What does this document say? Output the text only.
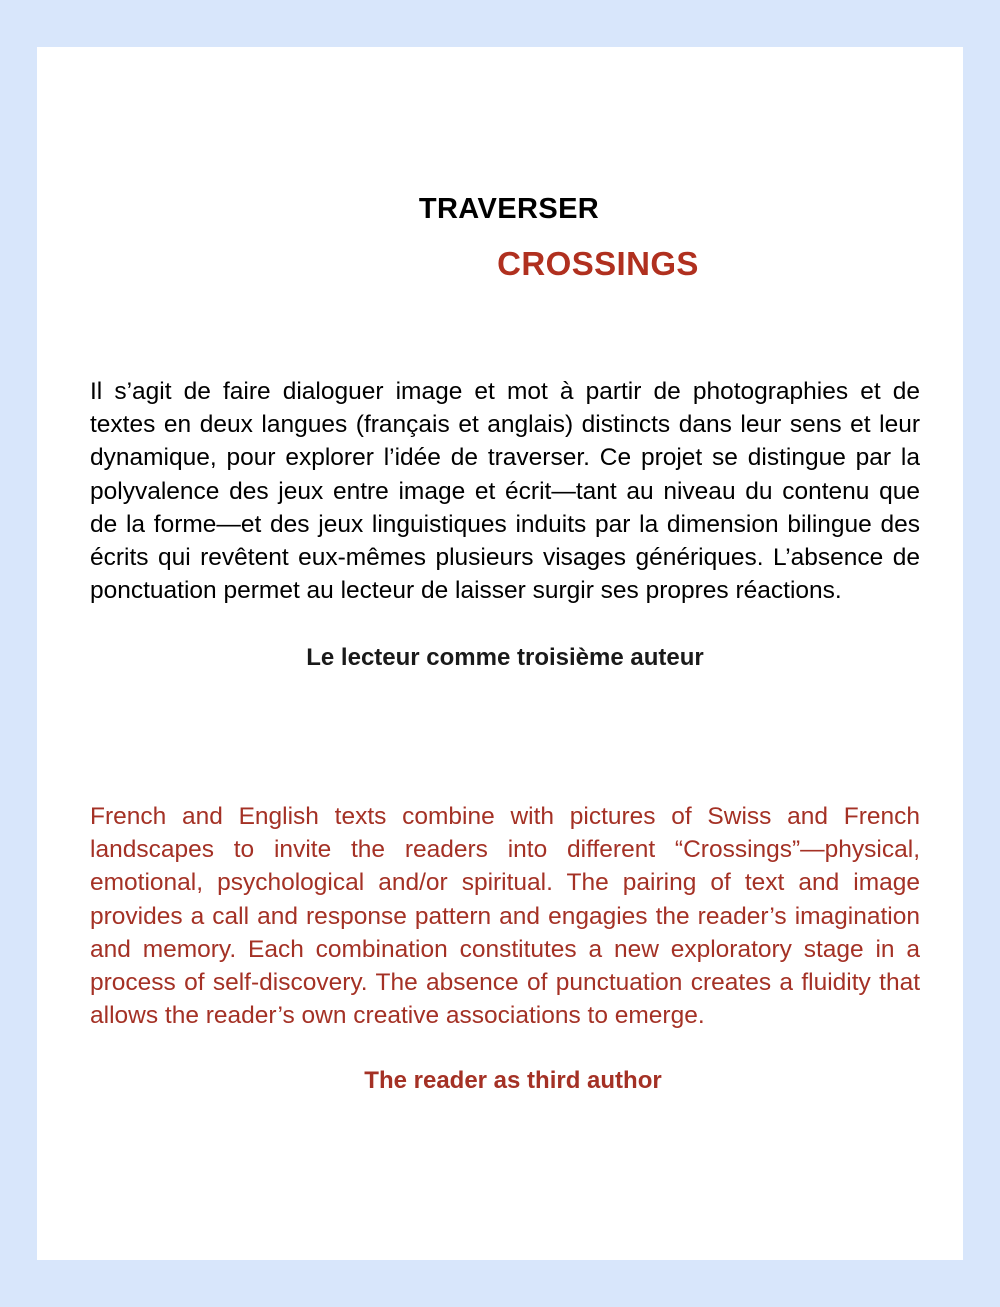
TRAVERSER
CROSSINGS

Il s’agit de faire dialoguer image et mot à partir de photographies et de textes en deux langues (français et anglais) distincts dans leur sens et leur dynamique, pour explorer l’idée de traverser. Ce projet se distingue par la polyvalence des jeux entre image et écrit—tant au niveau du contenu que de la forme—et des jeux linguistiques induits par la dimension bilingue des écrits qui revêtent eux-mêmes plusieurs visages génériques. L’absence de ponctuation permet au lecteur de laisser surgir ses propres réactions.

Le lecteur comme troisième auteur

French and English texts combine with pictures of Swiss and French landscapes to invite the readers into different “Crossings”—physical, emotional, psychological and/or spiritual. The pairing of text and image provides a call and response pattern and engagies the reader’s imagination and memory. Each combination constitutes a new exploratory stage in a process of self-discovery. The absence of punctuation creates a fluidity that allows the reader’s own creative associations to emerge.

The reader as third author
